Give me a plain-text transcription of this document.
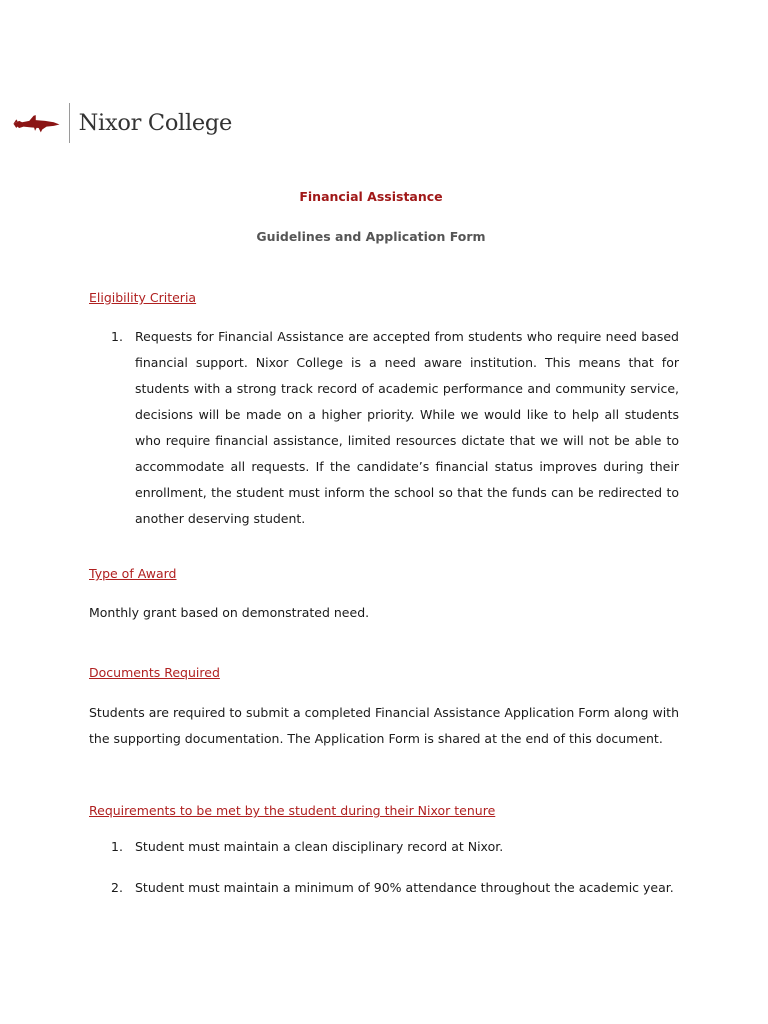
Nixor College
Financial Assistance
Guidelines and Application Form
Eligibility Criteria
1. Requests for Financial Assistance are accepted from students who require need based financial support. Nixor College is a need aware institution. This means that for students with a strong track record of academic performance and community service, decisions will be made on a higher priority. While we would like to help all students who require financial assistance, limited resources dictate that we will not be able to accommodate all requests. If the candidate’s financial status improves during their enrollment, the student must inform the school so that the funds can be redirected to another deserving student.
Type of Award
Monthly grant based on demonstrated need.
Documents Required
Students are required to submit a completed Financial Assistance Application Form along with the supporting documentation. The Application Form is shared at the end of this document.
Requirements to be met by the student during their Nixor tenure
1. Student must maintain a clean disciplinary record at Nixor.
2. Student must maintain a minimum of 90% attendance throughout the academic year.
